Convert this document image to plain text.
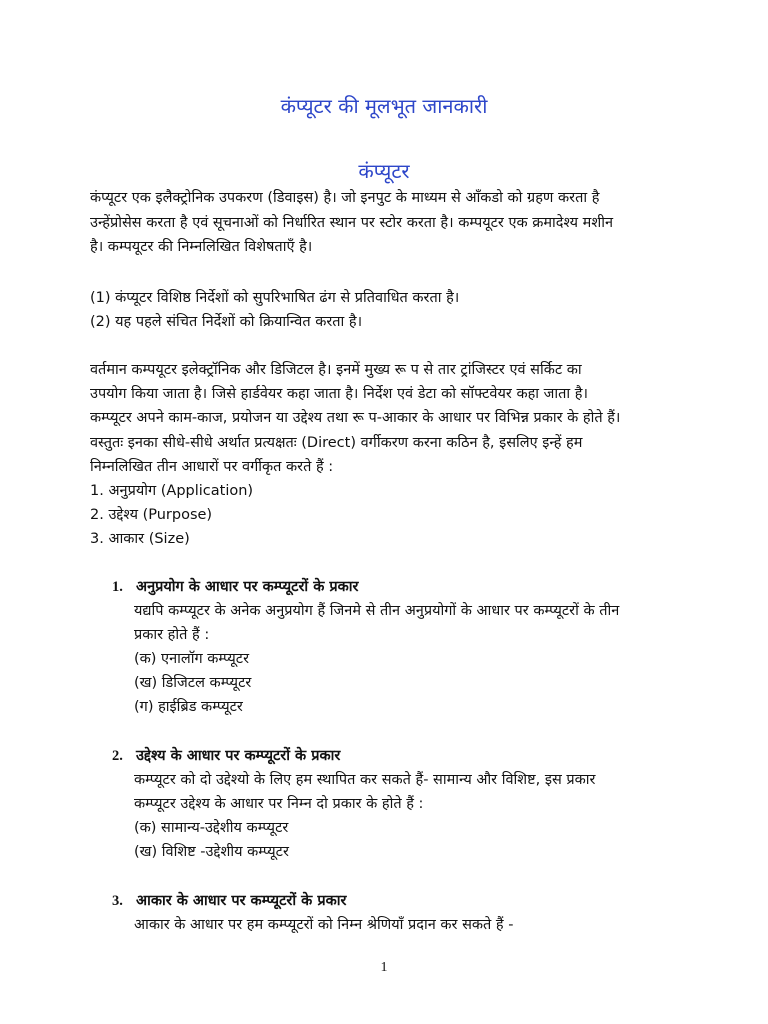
कंप्यूटर की मूलभूत जानकारी
कंप्यूटर
कंप्यूटर एक इलैक्ट्रोनिक उपकरण (डिवाइस) है। जो इनपुट के माध्यम से आँकडो को ग्रहण करता है
उन्हेंप्रोसेस करता है एवं सूचनाओं को निर्धारित स्थान पर स्टोर करता है। कम्पयूटर एक क्रमादेश्य मशीन
है। कम्पयूटर की निम्नलिखित विशेषताएँ है।
(1) कंप्यूटर विशिष्ठ निर्देशों को सुपरिभाषित ढंग से प्रतिवाधित करता है।
(2) यह पहले संचित निर्देशों को क्रियान्वित करता है।
वर्तमान कम्पयूटर इलेक्ट्रॉनिक और डिजिटल है। इनमें मुख्य रू प से तार ट्रांजिस्टर एवं सर्किट का
उपयोग किया जाता है। जिसे हार्डवेयर कहा जाता है। निर्देश एवं डेटा को सॉफ्टवेयर कहा जाता है।
कम्प्यूटर अपने काम-काज, प्रयोजन या उद्देश्य तथा रू प-आकार के आधार पर विभिन्न प्रकार के होते हैं।
वस्तुतः इनका सीधे-सीधे अर्थात प्रत्यक्षतः (Direct) वर्गीकरण करना कठिन है, इसलिए इन्हें हम
निम्नलिखित तीन आधारों पर वर्गीकृत करते हैं :
1. अनुप्रयोग (Application)
2. उद्देश्य (Purpose)
3. आकार (Size)
1. अनुप्रयोग के आधार पर कम्प्यूटरों के प्रकार
यद्यपि कम्प्यूटर के अनेक अनुप्रयोग हैं जिनमे से तीन अनुप्रयोगों के आधार पर कम्प्यूटरों के तीन
प्रकार होते हैं :
(क) एनालॉग कम्प्यूटर
(ख) डिजिटल कम्प्यूटर
(ग) हाईब्रिड कम्प्यूटर
2. उद्देश्य के आधार पर कम्प्यूटरों के प्रकार
कम्प्यूटर को दो उद्देश्यो के लिए हम स्थापित कर सकते हैं- सामान्य और विशिष्ट, इस प्रकार
कम्प्यूटर उद्देश्य के आधार पर निम्न दो प्रकार के होते हैं :
(क) सामान्य-उद्देशीय कम्प्यूटर
(ख) विशिष्ट -उद्देशीय कम्प्यूटर
3. आकार के आधार पर कम्प्यूटरों के प्रकार
आकार के आधार पर हम कम्प्यूटरों को निम्न श्रेणियाँ प्रदान कर सकते हैं -
1
